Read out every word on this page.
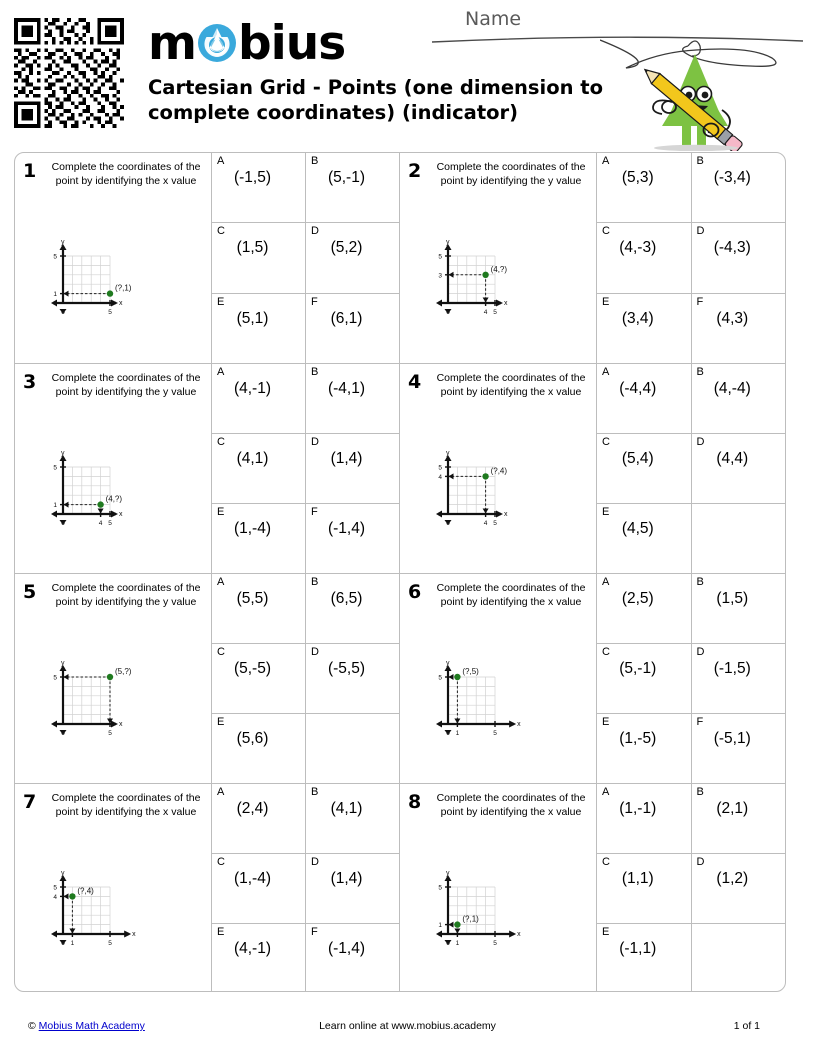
m bius
Cartesian Grid - Points (one dimension to complete coordinates) (indicator)
Name
1	Complete the coordinates of the point by identifying the x value
x
y
0	5
1
5
(?,1)
A
(-1,5)
B
(5,-1)
C
(1,5)
D
(5,2)
E
(5,1)
F
(6,1)
2	Complete the coordinates of the point by identifying the y value
x
y
0	4 5
3
5
(4,?)
A
(5,3)
B
(-3,4)
C
(4,-3)
D
(-4,3)
E
(3,4)
F
(4,3)
3	Complete the coordinates of the point by identifying the y value
x
y
0	4 5
1
5
(4,?)
A
(4,-1)
B
(-4,1)
C
(4,1)
D
(1,4)
E
(1,-4)
F
(-1,4)
4	Complete the coordinates of the point by identifying the x value
x
y
0	4 5
4
5	(?,4)
A
(-4,4)
B
(4,-4)
C
(5,4)
D
(4,4)
E
(4,5)
5	Complete the coordinates of the point by identifying the y value
x
y
0	5
5
(5,?)
A
(5,5)
B
(6,5)
C
(5,-5)
D
(-5,5)
E
(5,6)
6	Complete the coordinates of the point by identifying the x value
x
y
0 1	5
5
(?,5)
A
(2,5)
B
(1,5)
C
(5,-1)
D
(-1,5)
E
(1,-5)
F
(-5,1)
7	Complete the coordinates of the point by identifying the x value
x
y
0 1	5
4
5	(?,4)
A
(2,4)
B
(4,1)
C
(1,-4)
D
(1,4)
E
(4,-1)
F
(-1,4)
8	Complete the coordinates of the point by identifying the x value
x
y
0 1	5
1
5
(?,1)
A
(1,-1)
B
(2,1)
C
(1,1)
D
(1,2)
E
(-1,1)
© Mobius Math Academy	Learn online at www.mobius.academy	1 of 1
